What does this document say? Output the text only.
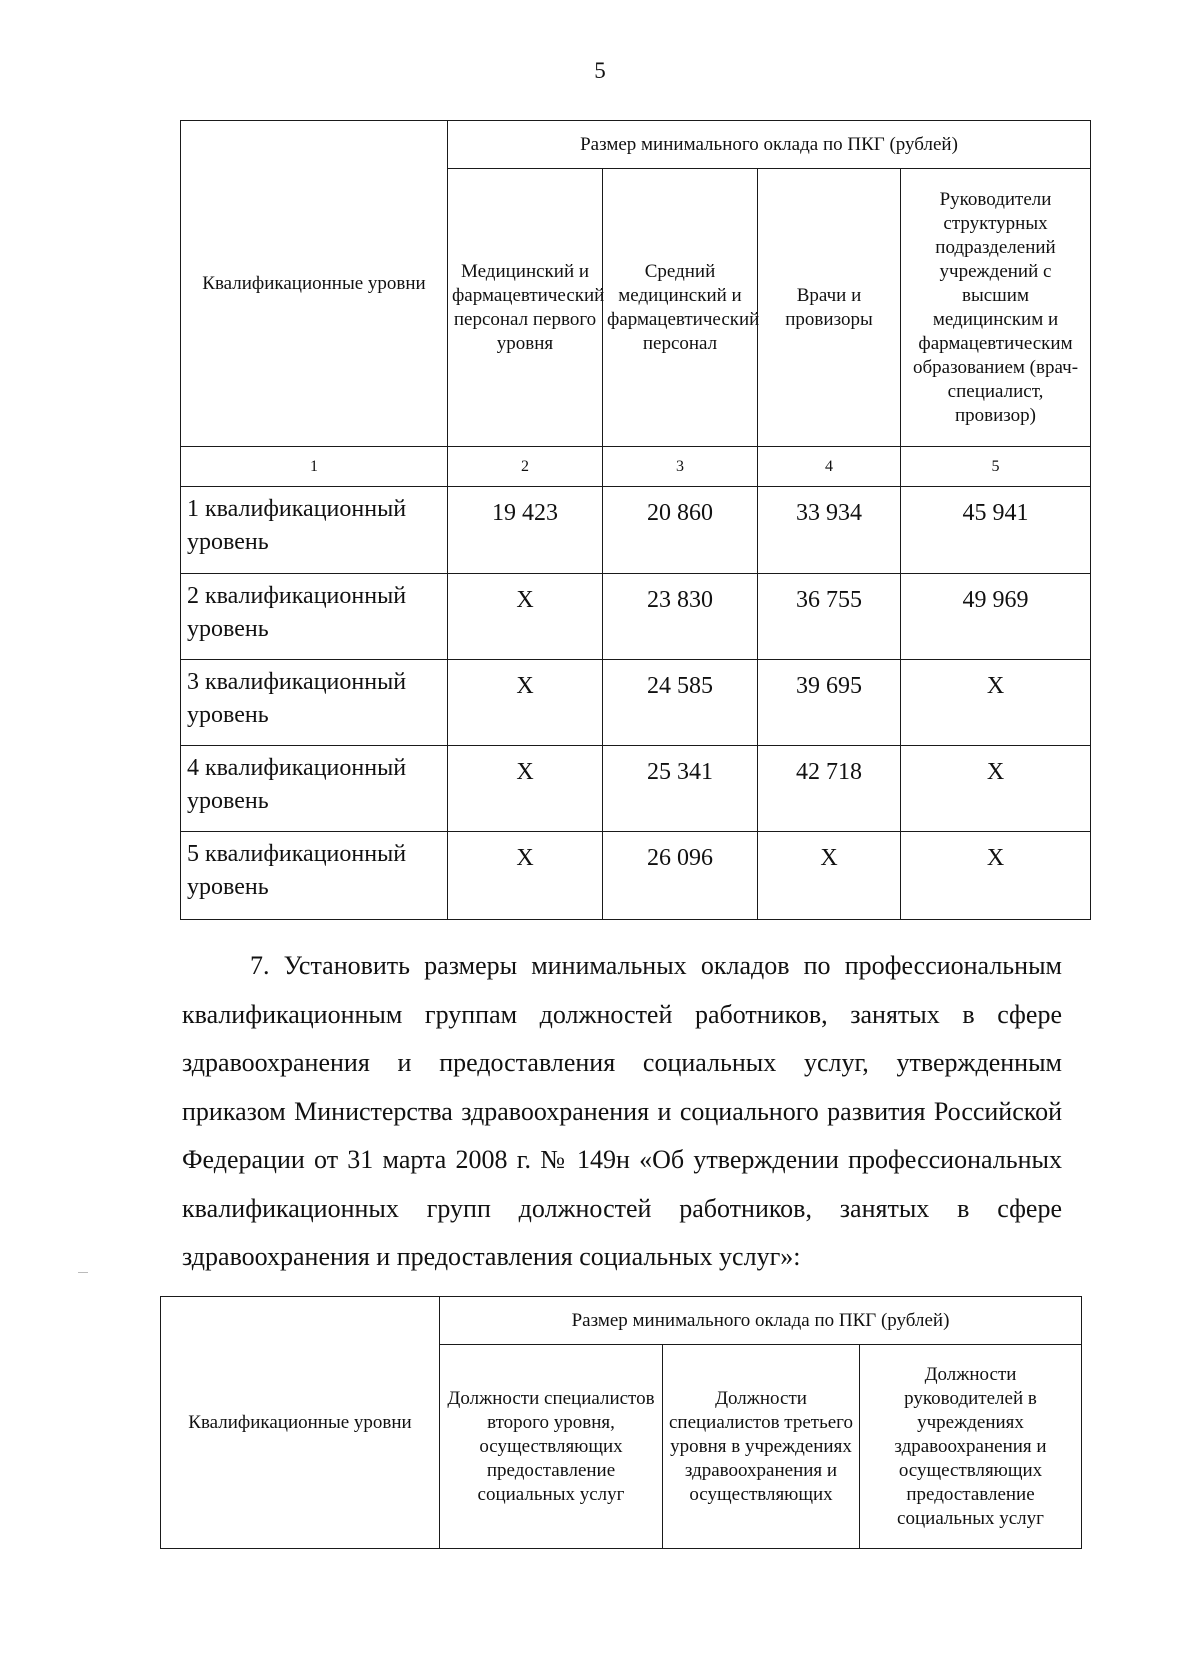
5
Квалификационные уровни	Размер минимального оклада по ПКГ (рублей)			
	Медицинский и фармацевтический персонал первого уровня	Средний медицинский и фармацевтический персонал	Врачи и провизоры	Руководители структурных подразделений учреждений с высшим медицинским и фармацевтическим образованием (врач-специалист, провизор)
1	2	3	4	5
1 квалификационный уровень	19 423	20 860	33 934	45 941
2 квалификационный уровень	Х	23 830	36 755	49 969
3 квалификационный уровень	Х	24 585	39 695	Х
4 квалификационный уровень	Х	25 341	42 718	Х
5 квалификационный уровень	Х	26 096	Х	Х

7. Установить размеры минимальных окладов по профессиональным квалификационным группам должностей работников, занятых в сфере здравоохранения и предоставления социальных услуг, утвержденным приказом Министерства здравоохранения и социального развития Российской Федерации от 31 марта 2008 г. № 149н «Об утверждении профессиональных квалификационных групп должностей работников, занятых в сфере здравоохранения и предоставления социальных услуг»:

Квалификационные уровни	Размер минимального оклада по ПКГ (рублей)		
	Должности специалистов второго уровня, осуществляющих предоставление социальных услуг	Должности специалистов третьего уровня в учреждениях здравоохранения и осуществляющих	Должности руководителей в учреждениях здравоохранения и осуществляющих предоставление социальных услуг
